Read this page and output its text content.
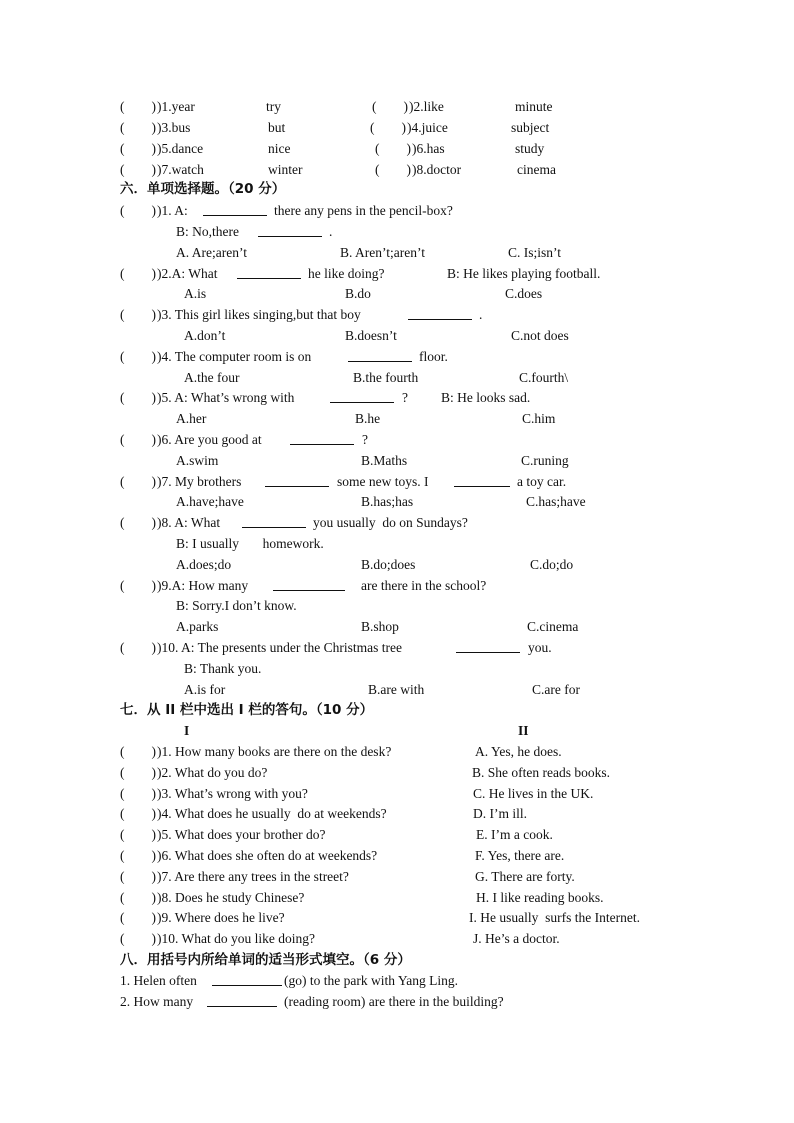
(        ) )1.year	try	(        ) )2.like	minute
(        ) )3.bus	but	(        ) )4.juice	subject
(        ) )5.dance	nice	(        ) )6.has	study
(        ) )7.watch	winter	(        ) )8.doctor	cinema
六．单项选择题。（20 分）
(        ) )1. A:	there any pens in the pencil-box?
B: No,there	.
A. Are;aren’t	B. Aren’t;aren’t	C. Is;isn’t
(        ) )2.A: What	he like doing?	B: He likes playing football.
A.is	B.do	C.does
(        ) )3. This girl likes singing,but that boy	.
A.don’t	B.doesn’t	C.not does
(        ) )4. The computer room is on	floor.
A.the four	B.the fourth	C.fourth\
(        ) )5. A: What’s wrong with	? B: He looks sad.
A.her	B.he	C.him
(        ) )6. Are you good at	?
A.swim	B.Maths	C.runing
(        ) )7. My brothers	some new toys. I	a toy car.
A.have;have	B.has;has	C.has;have
(        ) )8. A: What	you usually  do on Sundays?
B: I usually       homework.
A.does;do	B.do;does	C.do;do
(        ) )9.A: How many	are there in the school?
B: Sorry.I don’t know.
A.parks	B.shop	C.cinema
(        ) )10. A: The presents under the Christmas tree	you.
B: Thank you.
A.is for	B.are with	C.are for
七．从 II 栏中选出 I 栏的答句。（10 分）
I	II
(        ) )1. How many books are there on the desk?	A. Yes, he does.
(        ) )2. What do you do?	B. She often reads books.
(        ) )3. What’s wrong with you?	C. He lives in the UK.
(        ) )4. What does he usually  do at weekends?	D. I’m ill.
(        ) )5. What does your brother do?	E. I’m a cook.
(        ) )6. What does she often do at weekends?	F. Yes, there are.
(        ) )7. Are there any trees in the street?	G. There are forty.
(        ) )8. Does he study Chinese?	H. I like reading books.
(        ) )9. Where does he live?	I. He usually  surfs the Internet.
(        ) )10. What do you like doing?	J. He’s a doctor.
八．用括号内所给单词的适当形式填空。（6 分）
1. Helen often	(go) to the park with Yang Ling.
2. How many	(reading room) are there in the building?
